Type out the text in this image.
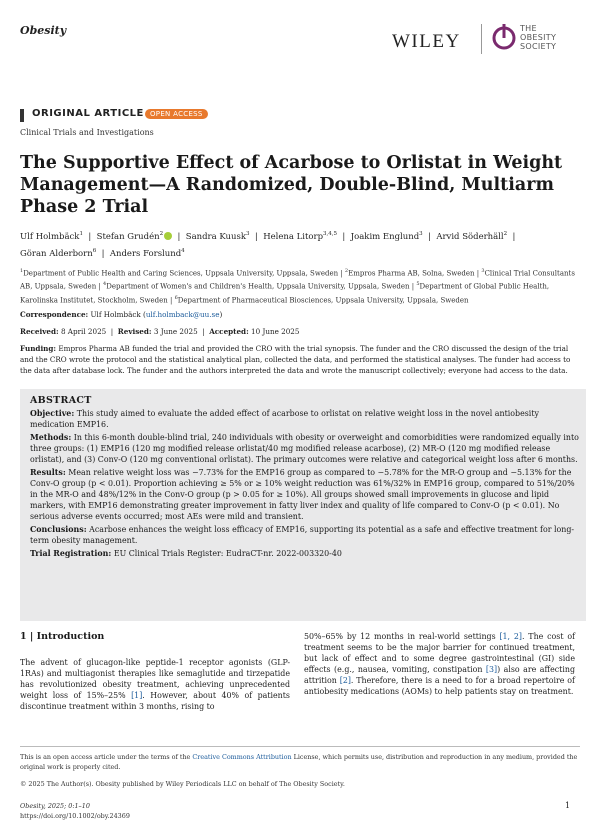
Obesity
WILEY
THE
OBESITY
SOCIETY
ORIGINAL ARTICLE OPEN ACCESS
Clinical Trials and Investigations
The Supportive Effect of Acarbose to Orlistat in Weight Management—A Randomized, Double-Blind, Multiarm Phase 2 Trial
Ulf Holmbäck$^1$  |  Stefan Grudén$^2$  |  Sandra Kuusk$^3$  |  Helena Litorp$^{3,4,5}$  |  Joakim Englund$^3$  |  Arvid Söderhäll$^2$  |
Göran Alderborn$^6$  |  Anders Forslund$^4$
$^1$Department of Public Health and Caring Sciences, Uppsala University, Uppsala, Sweden | $^2$Empros Pharma AB, Solna, Sweden | $^3$Clinical Trial Consultants AB, Uppsala, Sweden | $^4$Department of Women's and Children's Health, Uppsala University, Uppsala, Sweden | $^5$Department of Global Public Health, Karolinska Institutet, Stockholm, Sweden | $^6$Department of Pharmaceutical Biosciences, Uppsala University, Uppsala, Sweden
Correspondence: Ulf Holmbäck (ulf.holmback@uu.se)
Received: 8 April 2025  |  Revised: 3 June 2025  |  Accepted: 10 June 2025
Funding: Empros Pharma AB funded the trial and provided the CRO with the trial synopsis. The funder and the CRO discussed the design of the trial and the CRO wrote the protocol and the statistical analytical plan, collected the data, and performed the statistical analyses. The funder had access to the data after database lock. The funder and the authors interpreted the data and wrote the manuscript collectively; everyone had access to the data.
ABSTRACT

Objective: This study aimed to evaluate the added effect of acarbose to orlistat on relative weight loss in the novel antiobesity medication EMP16.

Methods: In this 6-month double-blind trial, 240 individuals with obesity or overweight and comorbidities were randomized equally into three groups: (1) EMP16 (120 mg modified release orlistat/40 mg modified release acarbose), (2) MR-O (120 mg modified release orlistat), and (3) Conv-O (120 mg conventional orlistat). The primary outcomes were relative and categorical weight loss after 6 months.

Results: Mean relative weight loss was −7.73% for the EMP16 group as compared to −5.78% for the MR-O group and −5.13% for the Conv-O group (p < 0.01). Proportion achieving ≥ 5% or ≥ 10% weight reduction was 61%/32% in EMP16 group, compared to 51%/20% in the MR-O and 48%/12% in the Conv-O group (p > 0.05 for ≥ 10%). All groups showed small improvements in glucose and lipid markers, with EMP16 demonstrating greater improvement in fatty liver index and quality of life compared to Conv-O (p < 0.01). No serious adverse events occurred; most AEs were mild and transient.

Conclusions: Acarbose enhances the weight loss efficacy of EMP16, supporting its potential as a safe and effective treatment for long-term obesity management.

Trial Registration: EU Clinical Trials Register: EudraCT-nr. 2022-003320-40

1 | Introduction
The advent of glucagon-like peptide-1 receptor agonists (GLP-1RAs) and multiagonist therapies like semaglutide and tirzepatide has revolutionized obesity treatment, achieving unprecedented weight loss of 15%–25% [1]. However, about 40% of patients discontinue treatment within 3 months, rising to
50%–65% by 12 months in real-world settings [1, 2]. The cost of treatment seems to be the major barrier for continued treatment, but lack of effect and to some degree gastrointestinal (GI) side effects (e.g., nausea, vomiting, constipation [3]) also are affecting attrition [2]. Therefore, there is a need to for a broad repertoire of antiobesity medications (AOMs) to help patients stay on treatment.
This is an open access article under the terms of the Creative Commons Attribution License, which permits use, distribution and reproduction in any medium, provided the original work is properly cited.
© 2025 The Author(s). Obesity published by Wiley Periodicals LLC on behalf of The Obesity Society.
Obesity, 2025; 0:1–10
https://doi.org/10.1002/oby.24369
1
